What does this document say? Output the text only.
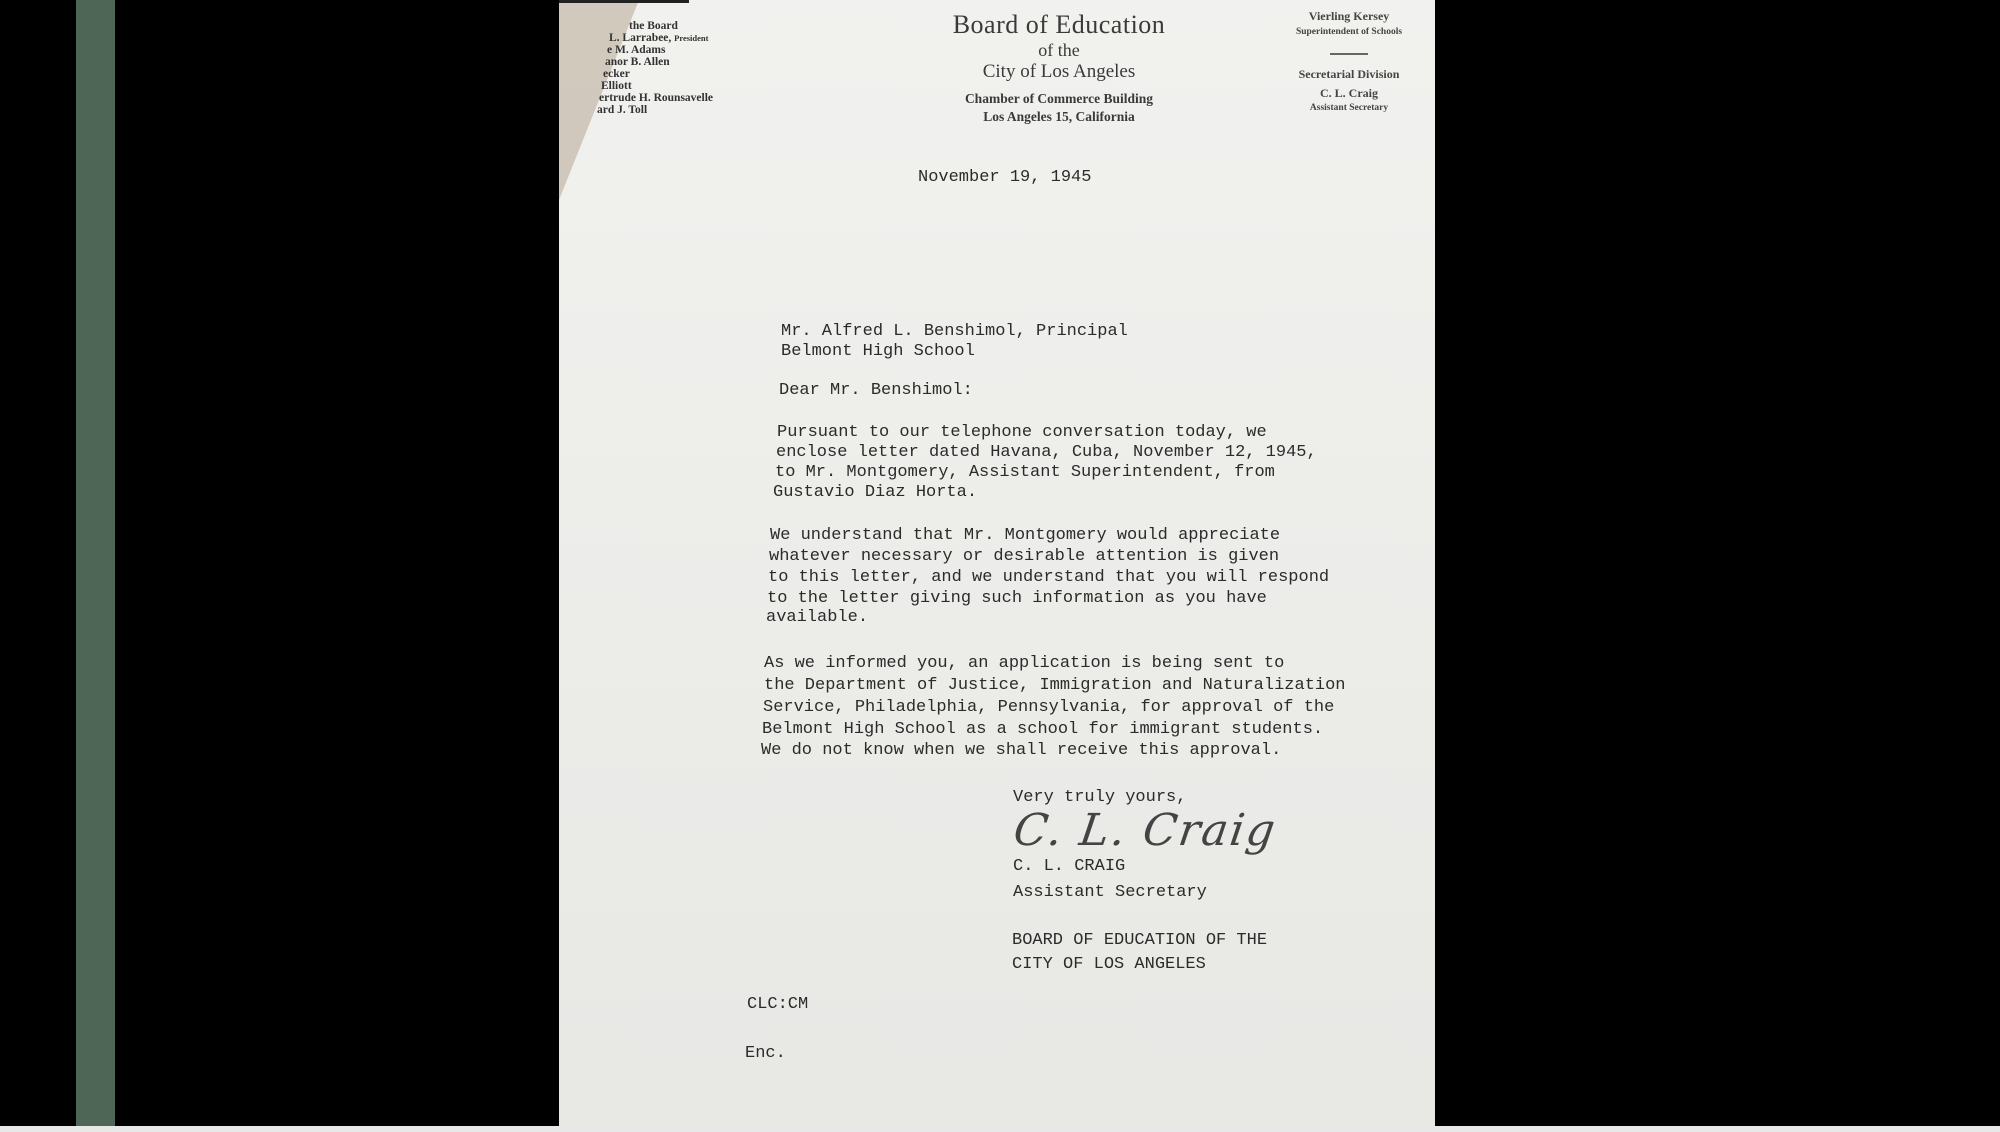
the Board
L. Larrabee, President
e M. Adams
anor B. Allen
ecker
Elliott
ertrude H. Rounsavelle
ard J. Toll
Board of Education
of the
City of Los Angeles
Chamber of Commerce Building
Los Angeles 15, California
Vierling Kersey
Superintendent of Schools
Secretarial Division
C. L. Craig
Assistant Secretary
November 19, 1945
Mr. Alfred L. Benshimol, Principal
Belmont High School
Dear Mr. Benshimol:
Pursuant to our telephone conversation today, we
enclose letter dated Havana, Cuba, November 12, 1945,
to Mr. Montgomery, Assistant Superintendent, from
Gustavio Diaz Horta.
We understand that Mr. Montgomery would appreciate
whatever necessary or desirable attention is given
to this letter, and we understand that you will respond
to the letter giving such information as you have
available.
As we informed you, an application is being sent to
the Department of Justice, Immigration and Naturalization
Service, Philadelphia, Pennsylvania, for approval of the
Belmont High School as a school for immigrant students.
We do not know when we shall receive this approval.
Very truly yours,
C. L. Craig
C. L. CRAIG
Assistant Secretary
BOARD OF EDUCATION OF THE
CITY OF LOS ANGELES
CLC:CM
Enc.
